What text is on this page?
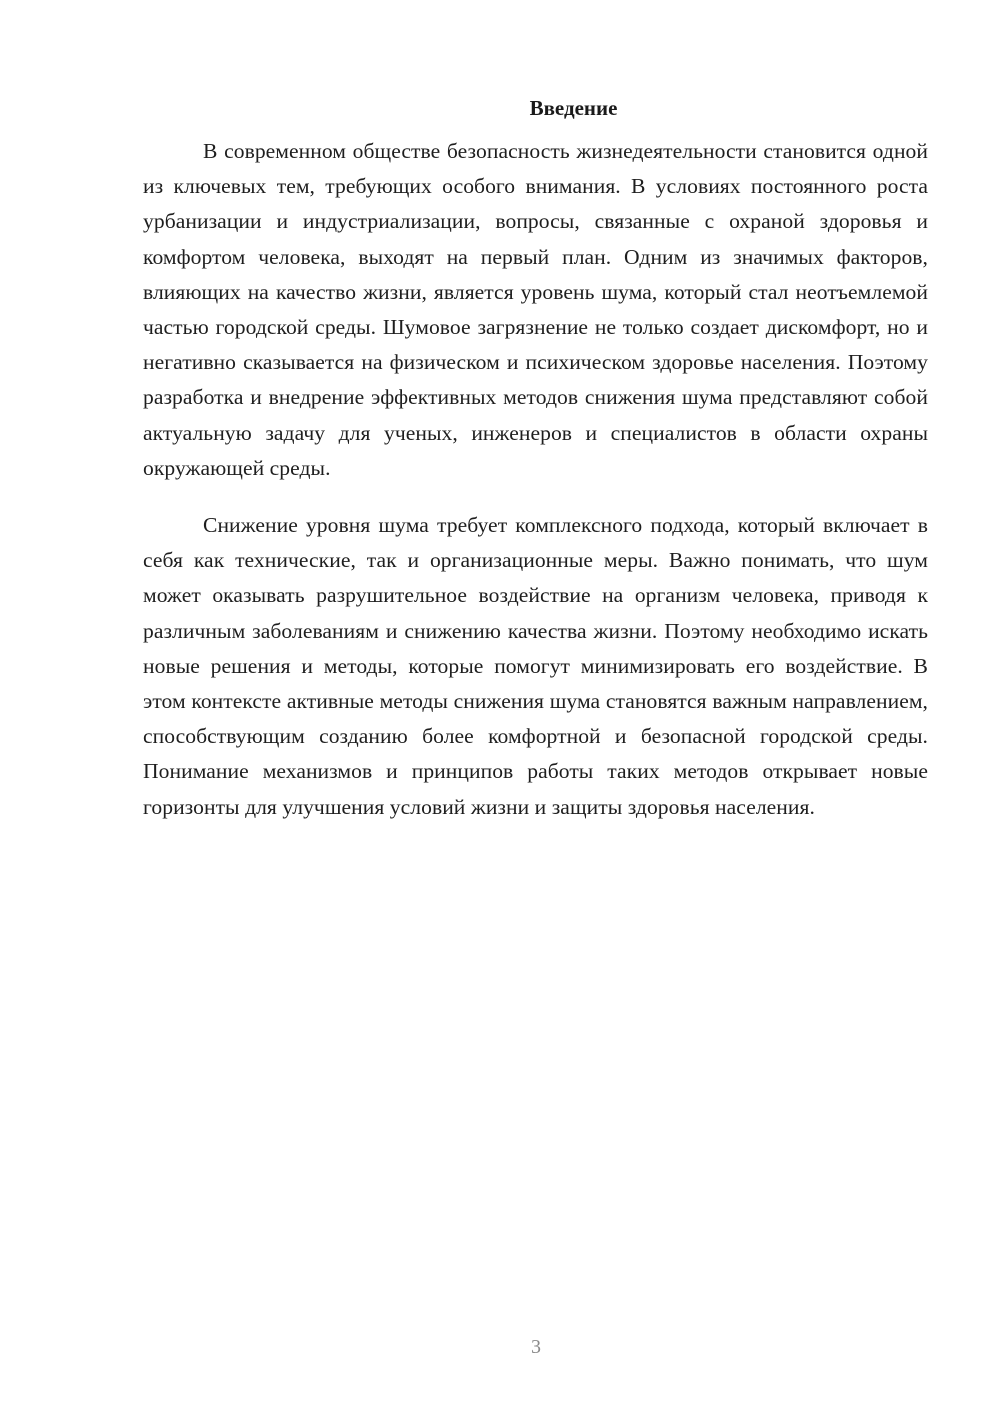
Введение

В современном обществе безопасность жизнедеятельности становится одной из ключевых тем, требующих особого внимания. В условиях постоянного роста урбанизации и индустриализации, вопросы, связанные с охраной здоровья и комфортом человека, выходят на первый план. Одним из значимых факторов, влияющих на качество жизни, является уровень шума, который стал неотъемлемой частью городской среды. Шумовое загрязнение не только создает дискомфорт, но и негативно сказывается на физическом и психическом здоровье населения. Поэтому разработка и внедрение эффективных методов снижения шума представляют собой актуальную задачу для ученых, инженеров и специалистов в области охраны окружающей среды.

Снижение уровня шума требует комплексного подхода, который включает в себя как технические, так и организационные меры. Важно понимать, что шум может оказывать разрушительное воздействие на организм человека, приводя к различным заболеваниям и снижению качества жизни. Поэтому необходимо искать новые решения и методы, которые помогут минимизировать его воздействие. В этом контексте активные методы снижения шума становятся важным направлением, способствующим созданию более комфортной и безопасной городской среды. Понимание механизмов и принципов работы таких методов открывает новые горизонты для улучшения условий жизни и защиты здоровья населения.

3
